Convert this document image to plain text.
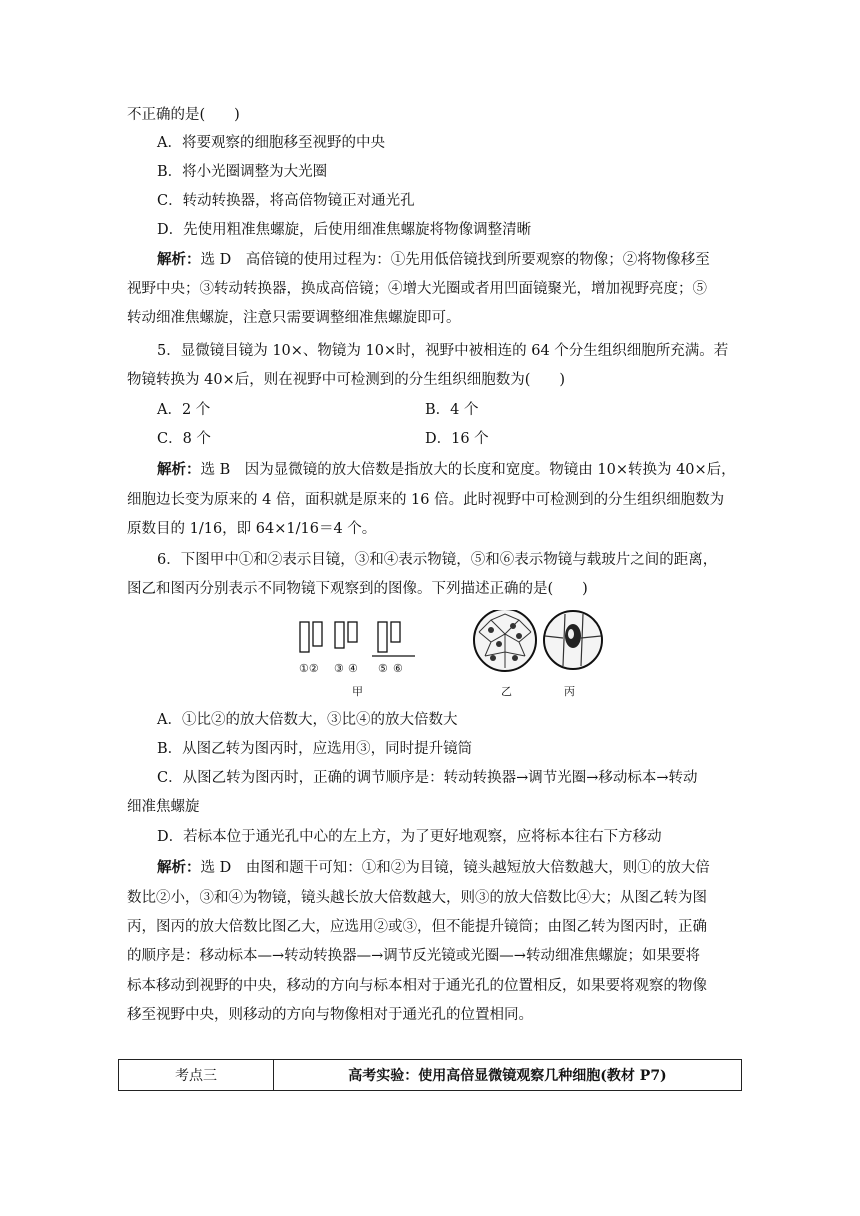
不正确的是(　　)
A．将要观察的细胞移至视野的中央
B．将小光圈调整为大光圈
C．转动转换器，将高倍物镜正对通光孔
D．先使用粗准焦螺旋，后使用细准焦螺旋将物像调整清晰
解析：选 D　高倍镜的使用过程为：①先用低倍镜找到所要观察的物像；②将物像移至
视野中央；③转动转换器，换成高倍镜；④增大光圈或者用凹面镜聚光，增加视野亮度；⑤
转动细准焦螺旋，注意只需要调整细准焦螺旋即可。
5．显微镜目镜为 10×、物镜为 10×时，视野中被相连的 64 个分生组织细胞所充满。若
物镜转换为 40×后，则在视野中可检测到的分生组织细胞数为(　　)
A．2 个	B．4 个
C．8 个	D．16 个
解析：选 B　因为显微镜的放大倍数是指放大的长度和宽度。物镜由 10×转换为 40×后，
细胞边长变为原来的 4 倍，面积就是原来的 16 倍。此时视野中可检测到的分生组织细胞数为
原数目的 1/16，即 64×1/16＝4 个。
6．下图甲中①和②表示目镜，③和④表示物镜，⑤和⑥表示物镜与载玻片之间的距离，
图乙和图丙分别表示不同物镜下观察到的图像。下列描述正确的是(　　)
A．①比②的放大倍数大，③比④的放大倍数大
B．从图乙转为图丙时，应选用③，同时提升镜筒
C．从图乙转为图丙时，正确的调节顺序是：转动转换器→调节光圈→移动标本→转动
细准焦螺旋
D．若标本位于通光孔中心的左上方，为了更好地观察，应将标本往右下方移动
解析：选 D　由图和题干可知：①和②为目镜，镜头越短放大倍数越大，则①的放大倍
数比②小，③和④为物镜，镜头越长放大倍数越大，则③的放大倍数比④大；从图乙转为图
丙，图丙的放大倍数比图乙大，应选用②或③，但不能提升镜筒；由图乙转为图丙时，正确
的顺序是：移动标本—→转动转换器—→调节反光镜或光圈—→转动细准焦螺旋；如果要将
标本移动到视野的中央，移动的方向与标本相对于通光孔的位置相反，如果要将观察的物像
移至视野中央，则移动的方向与物像相对于通光孔的位置相同。
①② ③ ④ ⑤ ⑥
甲	乙	丙
考点三	高考实验：使用高倍显微镜观察几种细胞(教材 P7)
